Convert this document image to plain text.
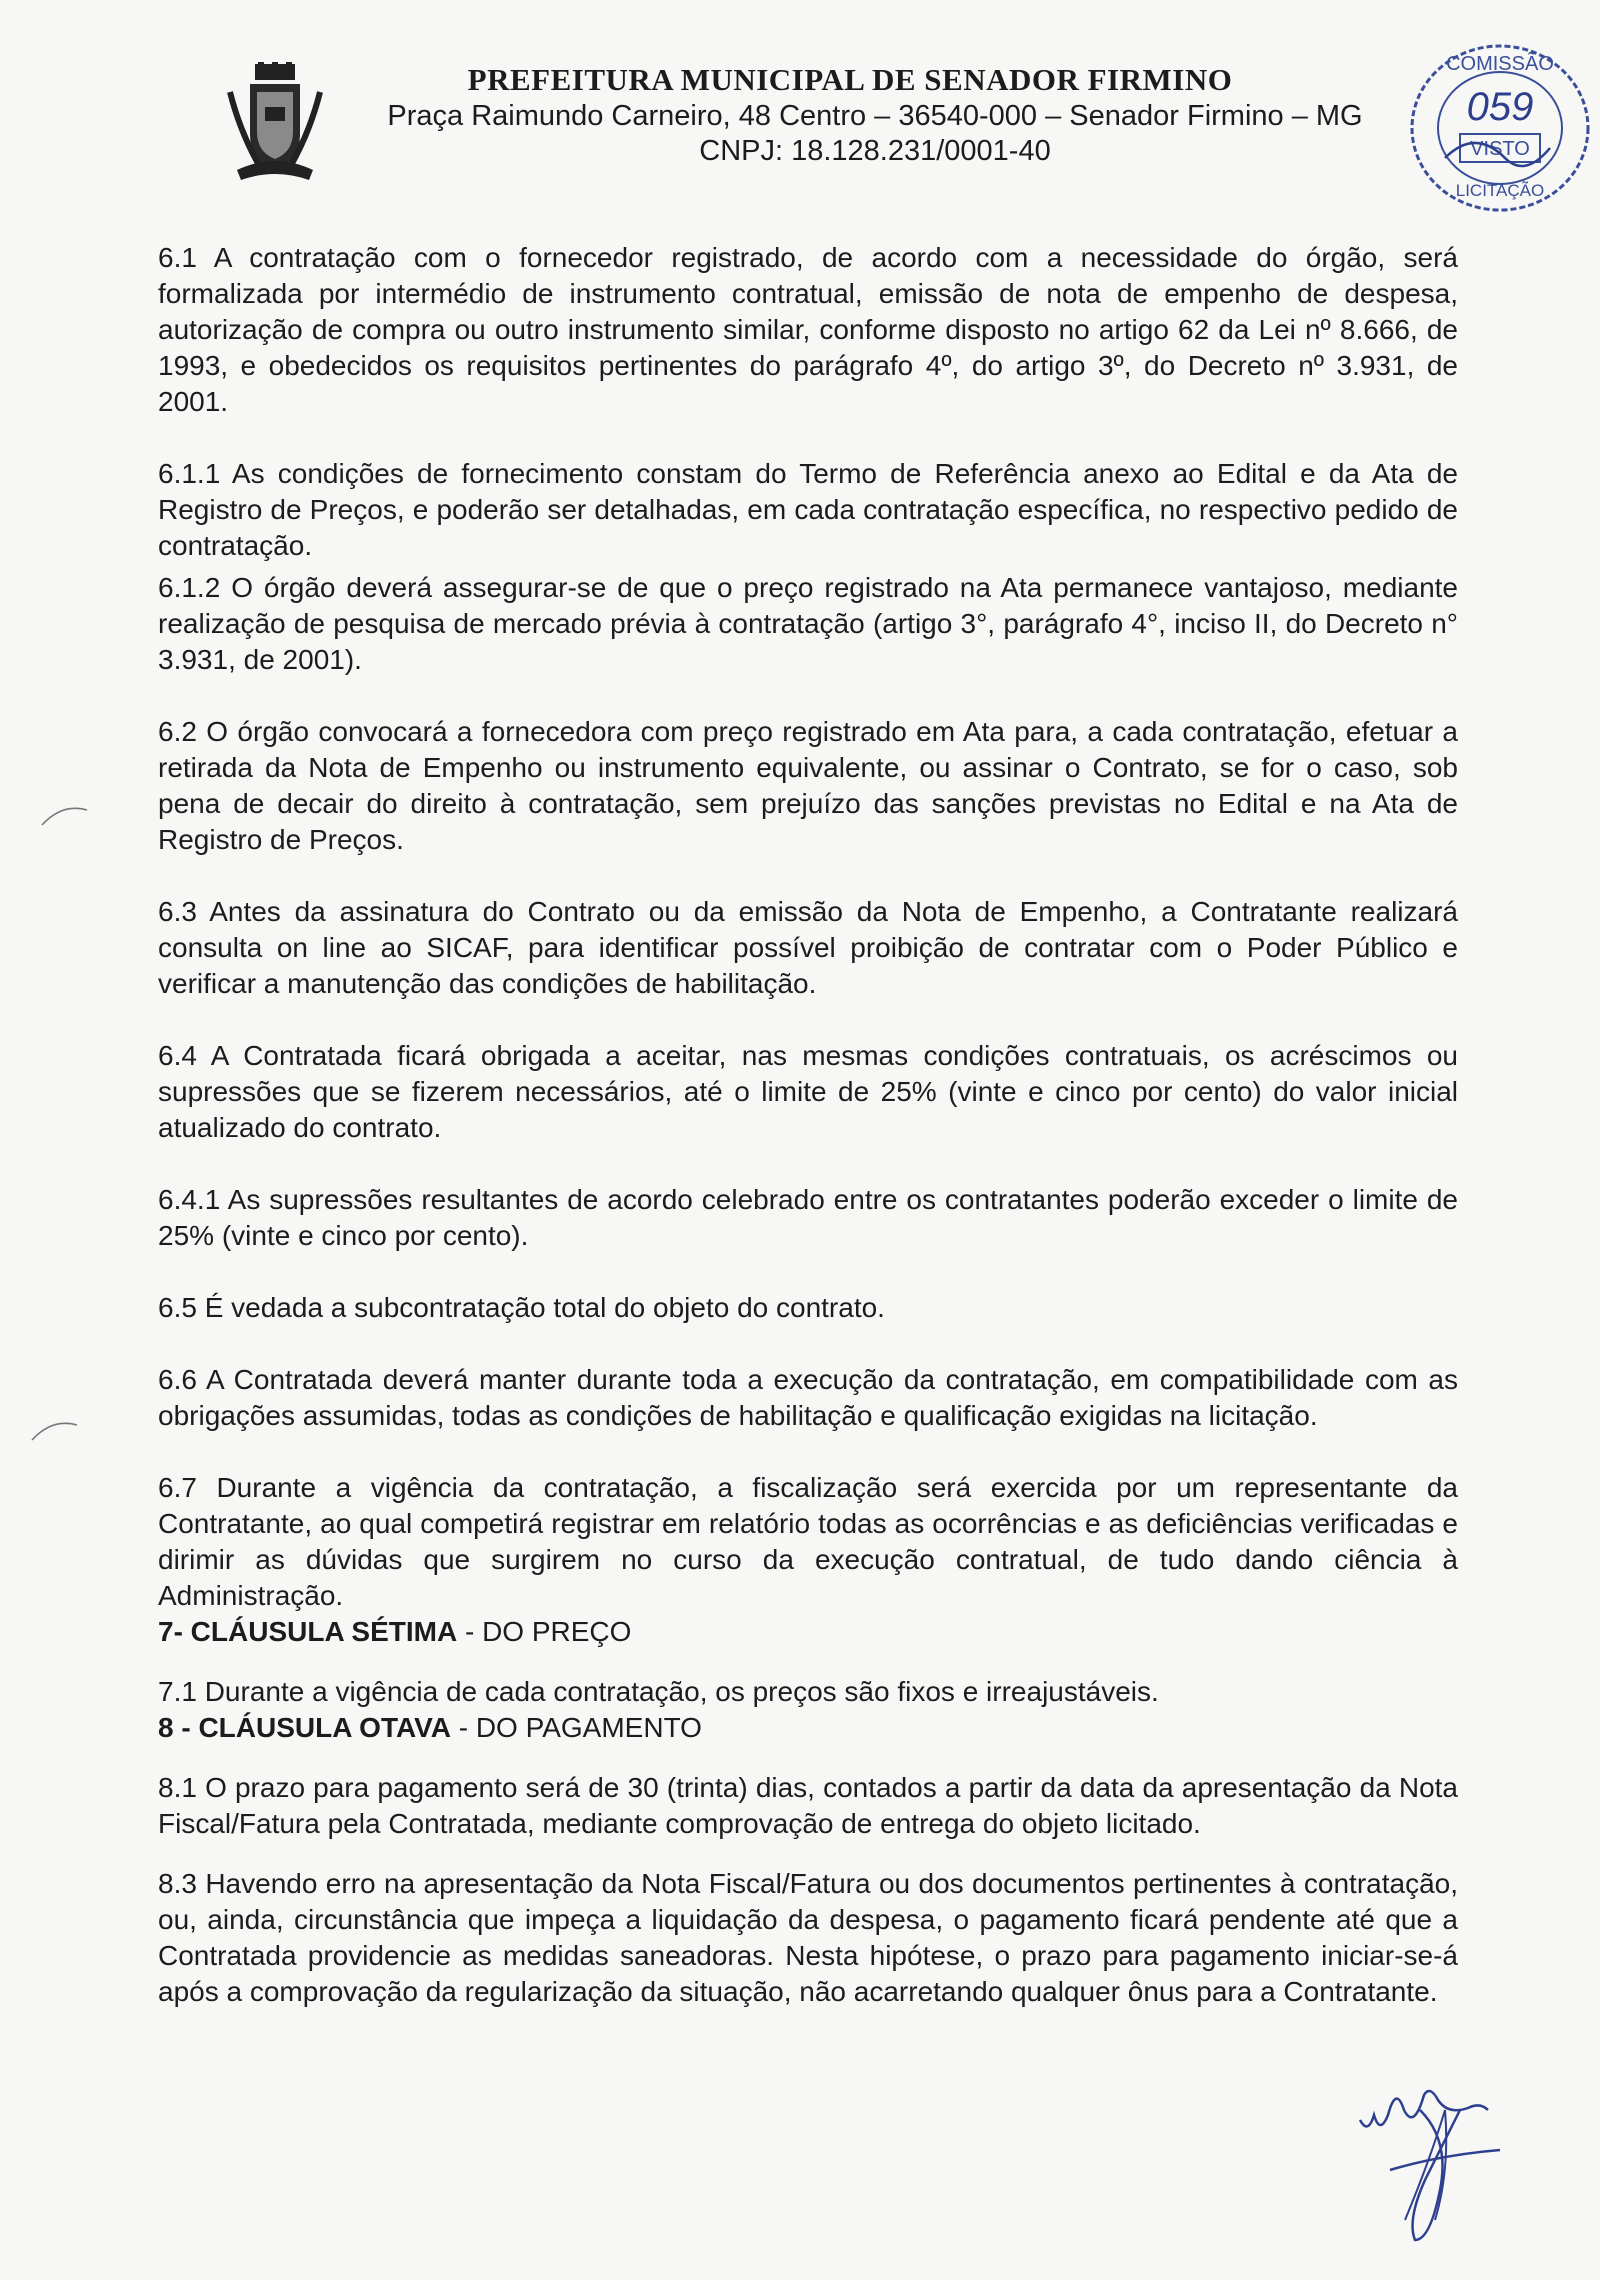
PREFEITURA MUNICIPAL DE SENADOR FIRMINO
Praça Raimundo Carneiro, 48 Centro – 36540-000 – Senador Firmino – MG
CNPJ: 18.128.231/0001-40
COMISSÃO
059
VISTO
LICITAÇÃO

6.1 A contratação com o fornecedor registrado, de acordo com a necessidade do órgão, será formalizada por intermédio de instrumento contratual, emissão de nota de empenho de despesa, autorização de compra ou outro instrumento similar, conforme disposto no artigo 62 da Lei nº 8.666, de 1993, e obedecidos os requisitos pertinentes do parágrafo 4º, do artigo 3º, do Decreto nº 3.931, de 2001.

6.1.1 As condições de fornecimento constam do Termo de Referência anexo ao Edital e da Ata de Registro de Preços, e poderão ser detalhadas, em cada contratação específica, no respectivo pedido de contratação.

6.1.2 O órgão deverá assegurar-se de que o preço registrado na Ata permanece vantajoso, mediante realização de pesquisa de mercado prévia à contratação (artigo 3°, parágrafo 4°, inciso II, do Decreto n° 3.931, de 2001).

6.2 O órgão convocará a fornecedora com preço registrado em Ata para, a cada contratação, efetuar a retirada da Nota de Empenho ou instrumento equivalente, ou assinar o Contrato, se for o caso, sob pena de decair do direito à contratação, sem prejuízo das sanções previstas no Edital e na Ata de Registro de Preços.

6.3 Antes da assinatura do Contrato ou da emissão da Nota de Empenho, a Contratante realizará consulta on line ao SICAF, para identificar possível proibição de contratar com o Poder Público e verificar a manutenção das condições de habilitação.

6.4 A Contratada ficará obrigada a aceitar, nas mesmas condições contratuais, os acréscimos ou supressões que se fizerem necessários, até o limite de 25% (vinte e cinco por cento) do valor inicial atualizado do contrato.

6.4.1 As supressões resultantes de acordo celebrado entre os contratantes poderão exceder o limite de 25% (vinte e cinco por cento).

6.5 É vedada a subcontratação total do objeto do contrato.

6.6 A Contratada deverá manter durante toda a execução da contratação, em compatibilidade com as obrigações assumidas, todas as condições de habilitação e qualificação exigidas na licitação.

6.7 Durante a vigência da contratação, a fiscalização será exercida por um representante da Contratante, ao qual competirá registrar em relatório todas as ocorrências e as deficiências verificadas e dirimir as dúvidas que surgirem no curso da execução contratual, de tudo dando ciência à Administração.

7- CLÁUSULA SÉTIMA - DO PREÇO

7.1 Durante a vigência de cada contratação, os preços são fixos e irreajustáveis.

8 - CLÁUSULA OTAVA - DO PAGAMENTO

8.1 O prazo para pagamento será de 30 (trinta) dias, contados a partir da data da apresentação da Nota Fiscal/Fatura pela Contratada, mediante comprovação de entrega do objeto licitado.

8.3 Havendo erro na apresentação da Nota Fiscal/Fatura ou dos documentos pertinentes à contratação, ou, ainda, circunstância que impeça a liquidação da despesa, o pagamento ficará pendente até que a Contratada providencie as medidas saneadoras. Nesta hipótese, o prazo para pagamento iniciar-se-á após a comprovação da regularização da situação, não acarretando qualquer ônus para a Contratante.
